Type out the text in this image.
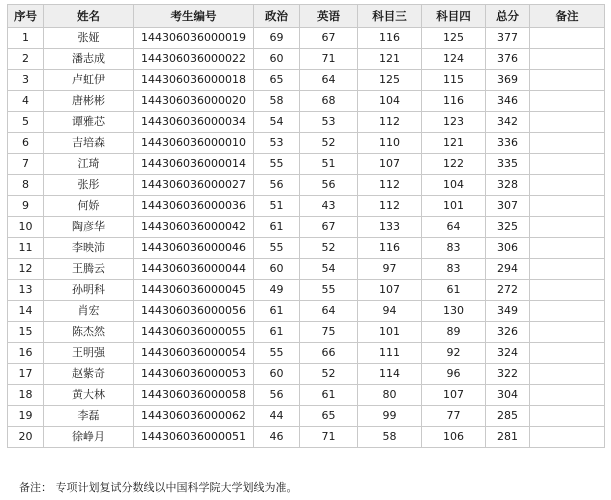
序号	姓名	考生编号	政治	英语	科目三	科目四	总分	备注
1	张娅	144306036000019	69	67	116	125	377	
2	潘志成	144306036000022	60	71	121	124	376	
3	卢虹伊	144306036000018	65	64	125	115	369	
4	唐彬彬	144306036000020	58	68	104	116	346	
5	谭雅芯	144306036000034	54	53	112	123	342	
6	吉培森	144306036000010	53	52	110	121	336	
7	江琦	144306036000014	55	51	107	122	335	
8	张彤	144306036000027	56	56	112	104	328	
9	何娇	144306036000036	51	43	112	101	307	
10	陶彦华	144306036000042	61	67	133	64	325	
11	李映沛	144306036000046	55	52	116	83	306	
12	王腾云	144306036000044	60	54	97	83	294	
13	孙明科	144306036000045	49	55	107	61	272	
14	肖宏	144306036000056	61	64	94	130	349	
15	陈杰然	144306036000055	61	75	101	89	326	
16	王明强	144306036000054	55	66	111	92	324	
17	赵紫奇	144306036000053	60	52	114	96	322	
18	黄大林	144306036000058	56	61	80	107	304	
19	李磊	144306036000062	44	65	99	77	285	
20	徐峥月	144306036000051	46	71	58	106	281	
备注： 专项计划复试分数线以中国科学院大学划线为准。
